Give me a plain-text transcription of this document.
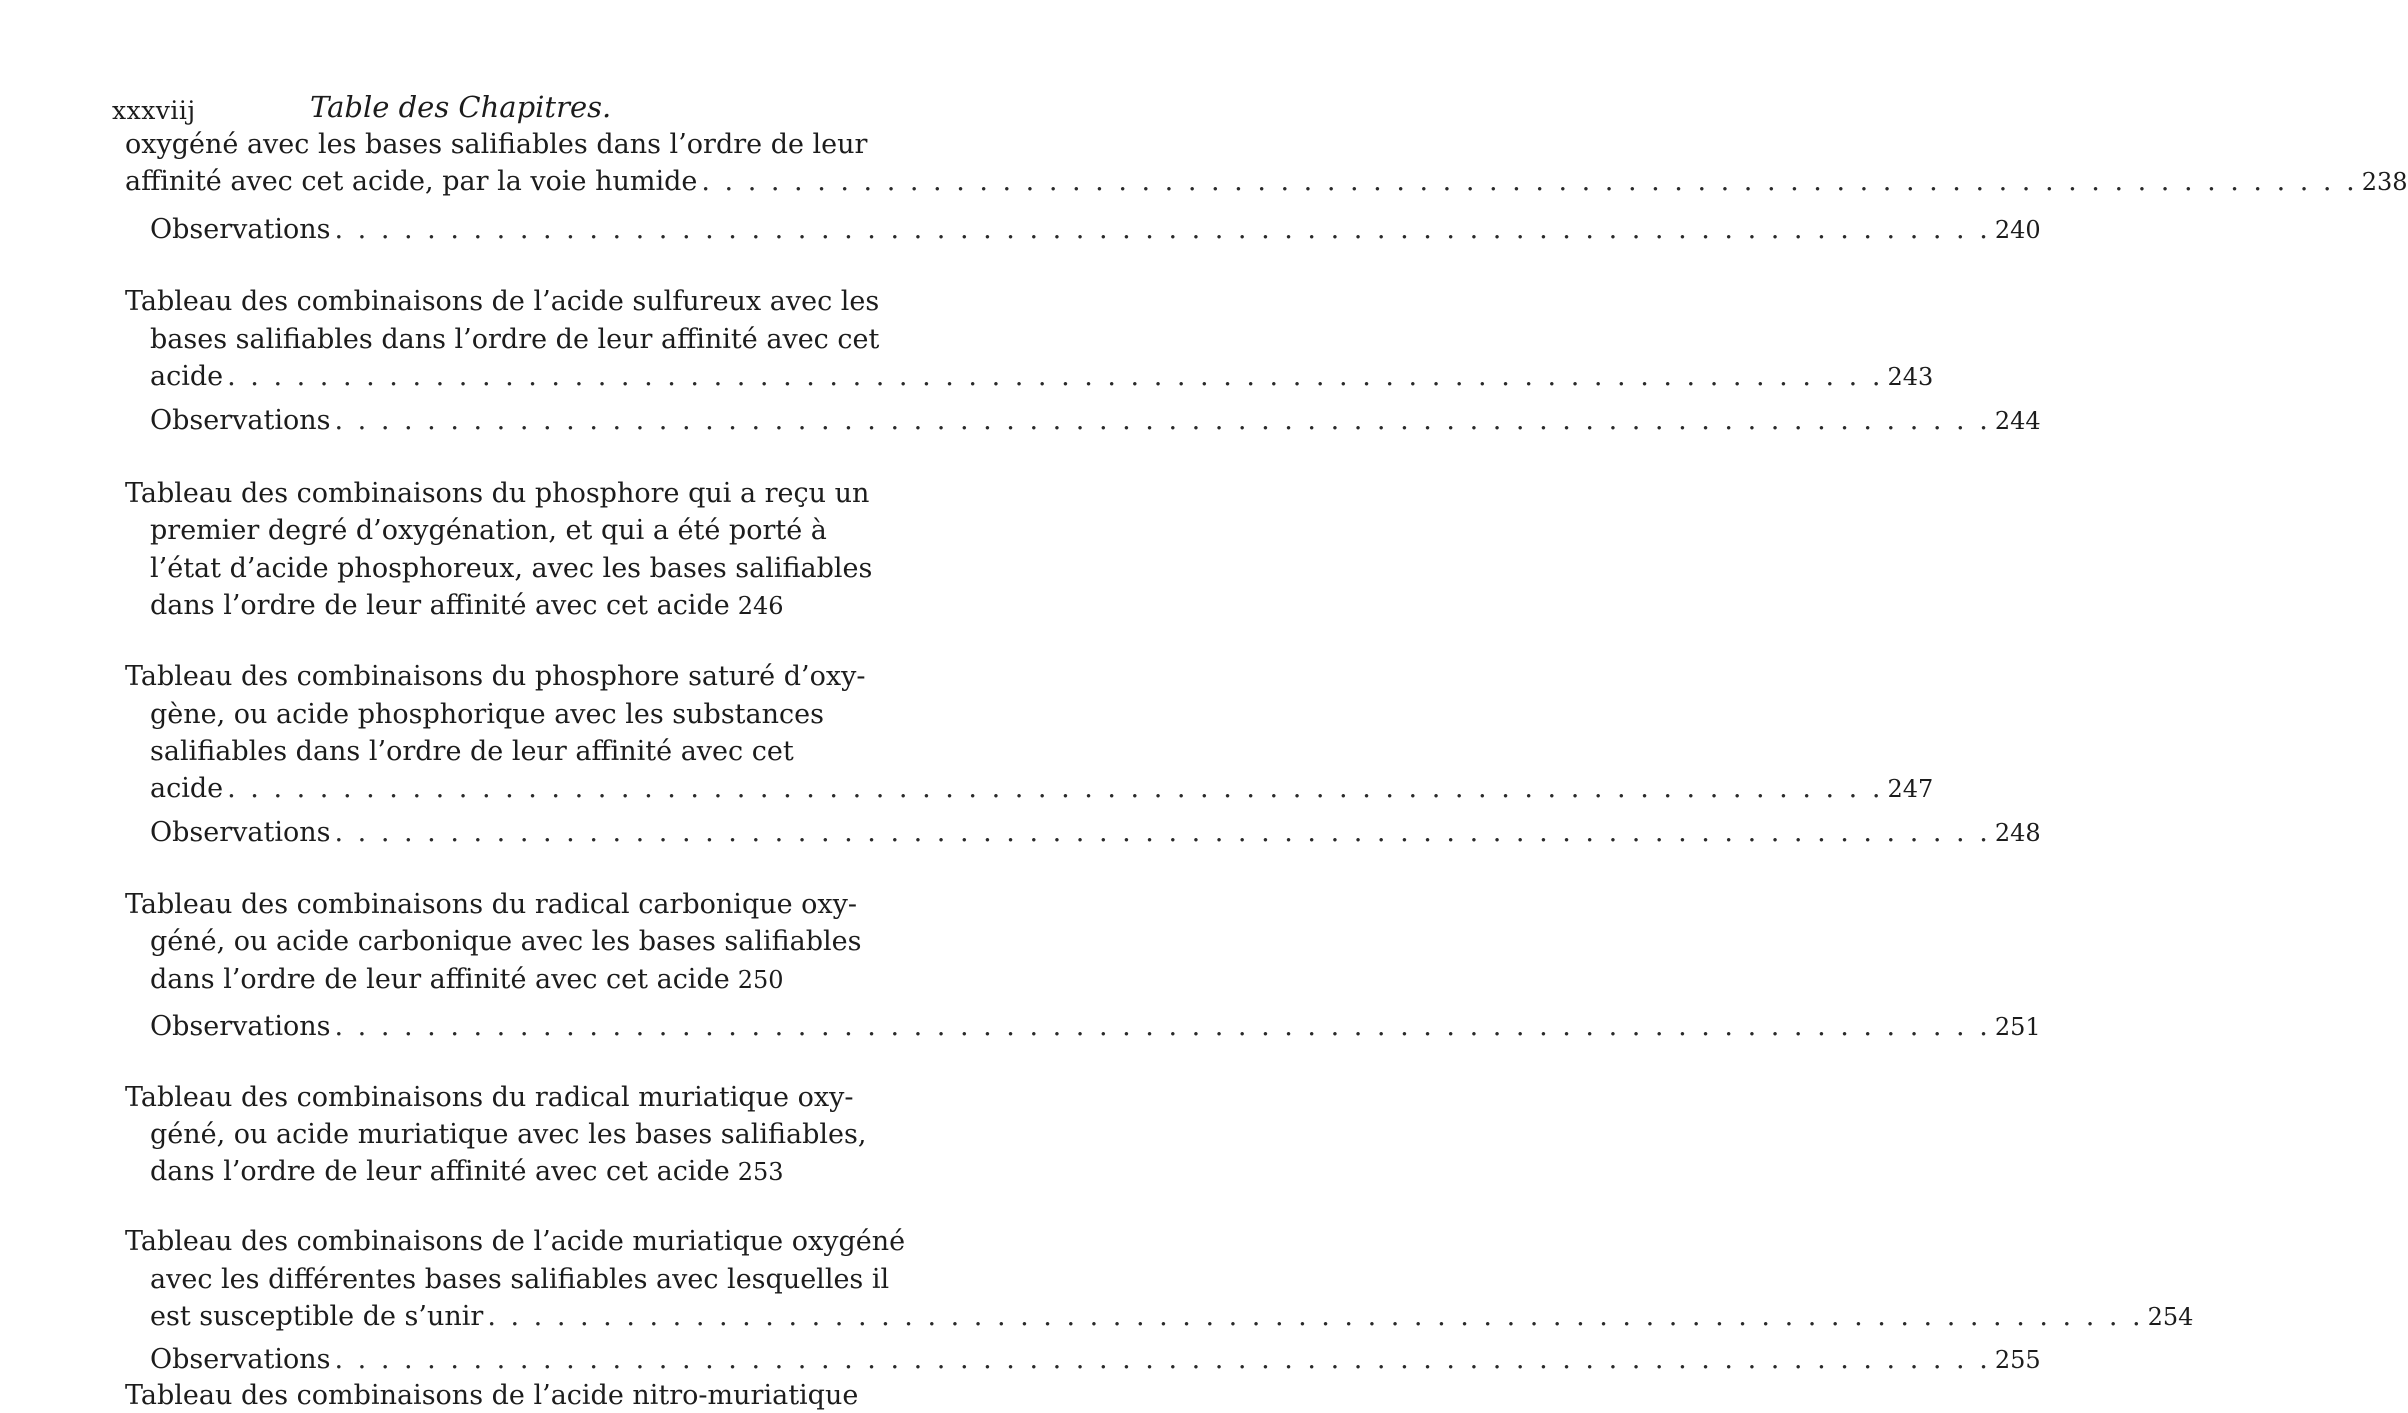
xxxviij	Table des Chapitres.
oxygéné avec les bases salifiables dans l’ordre de leur
affinité avec cet acide, par la voie humide . . .	238
Observations . . .	240
Tableau des combinaisons de l’acide sulfureux avec les
bases salifiables dans l’ordre de leur affinité avec cet
acide . . .	243
Observations . . .	244
Tableau des combinaisons du phosphore qui a reçu un
premier degré d’oxygénation, et qui a été porté à
l’état d’acide phosphoreux, avec les bases salifiables
dans l’ordre de leur affinité avec cet acide 246
Tableau des combinaisons du phosphore saturé d’oxy-
gène, ou acide phosphorique avec les substances
salifiables dans l’ordre de leur affinité avec cet
acide . . .	247
Observations . . .	248
Tableau des combinaisons du radical carbonique oxy-
géné, ou acide carbonique avec les bases salifiables
dans l’ordre de leur affinité avec cet acide 250
Observations . . .	251
Tableau des combinaisons du radical muriatique oxy-
géné, ou acide muriatique avec les bases salifiables,
dans l’ordre de leur affinité avec cet acide 253
Tableau des combinaisons de l’acide muriatique oxygéné
avec les différentes bases salifiables avec lesquelles il
est susceptible de s’unir . . .	254
Observations . . .	255
Tableau des combinaisons de l’acide nitro-muriatique
